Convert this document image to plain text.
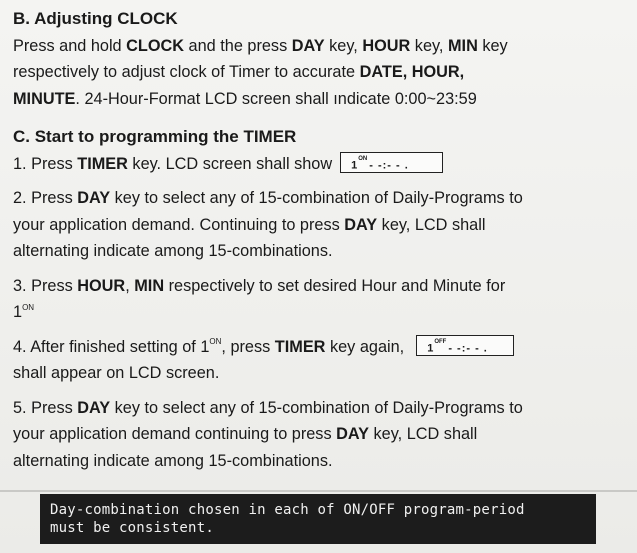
B. Adjusting CLOCK
Press and hold CLOCK and the press DAY key, HOUR key, MIN key
respectively to adjust clock of Timer to accurate DATE, HOUR,
MINUTE. 24-Hour-Format LCD screen shall ındicate 0:00~23:59
C. Start to programming the TIMER
1. Press TIMER key. LCD screen shall show $1^{ON}-$ -:- - .
2. Press DAY key to select any of 15-combination of Daily-Programs to
your application demand. Continuing to press DAY key, LCD shall
alternating indicate among 15-combinations.
3. Press HOUR, MIN respectively to set desired Hour and Minute for
$1^{ON}$
4. After finished setting of $1^{ON}$, press TIMER key again, $1^{OFF}-$ -:- - .
shall appear on LCD screen.
5. Press DAY key to select any of 15-combination of Daily-Programs to
your application demand continuing to press DAY key, LCD shall
alternating indicate among 15-combinations.
Day-combination chosen in each of ON/OFF program-period
must be consistent.
